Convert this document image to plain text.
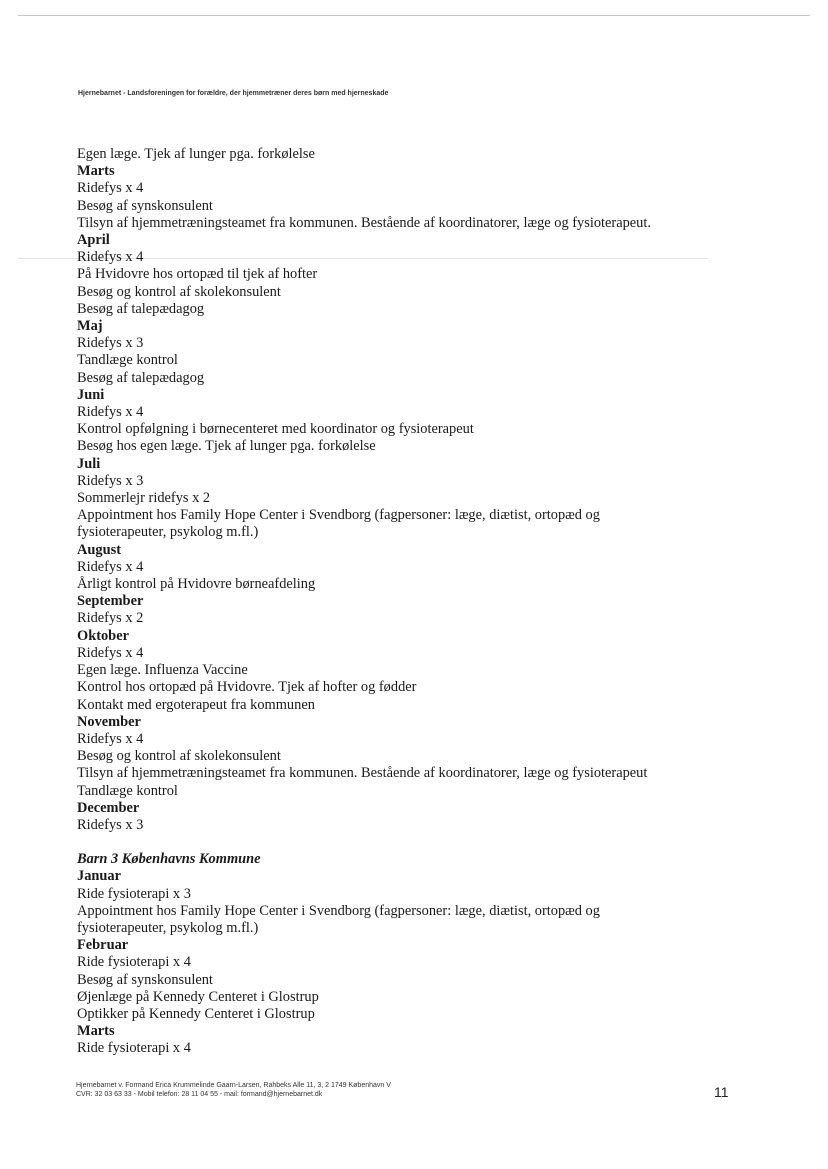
Hjernebarnet - Landsforeningen for forældre, der hjemmetræner deres børn med hjerneskade
Egen læge. Tjek af lunger pga. forkølelse
Marts
Ridefys x 4
Besøg af synskonsulent
Tilsyn af hjemmetræningsteamet fra kommunen. Bestående af koordinatorer, læge og fysioterapeut.
April
Ridefys x 4
På Hvidovre hos ortopæd til tjek af hofter
Besøg og kontrol af skolekonsulent
Besøg af talepædagog
Maj
Ridefys x 3
Tandlæge kontrol
Besøg af talepædagog
Juni
Ridefys x 4
Kontrol opfølgning i børnecenteret med koordinator og fysioterapeut
Besøg hos egen læge. Tjek af lunger pga. forkølelse
Juli
Ridefys x 3
Sommerlejr ridefys x 2
Appointment hos Family Hope Center i Svendborg (fagpersoner: læge, diætist, ortopæd og
fysioterapeuter, psykolog m.fl.)
August
Ridefys x 4
Årligt kontrol på Hvidovre børneafdeling
September
Ridefys x 2
Oktober
Ridefys x 4
Egen læge. Influenza Vaccine
Kontrol hos ortopæd på Hvidovre. Tjek af hofter og fødder
Kontakt med ergoterapeut fra kommunen
November
Ridefys x 4
Besøg og kontrol af skolekonsulent
Tilsyn af hjemmetræningsteamet fra kommunen. Bestående af koordinatorer, læge og fysioterapeut
Tandlæge kontrol
December
Ridefys x 3
Barn 3 Københavns Kommune
Januar
Ride fysioterapi x 3
Appointment hos Family Hope Center i Svendborg (fagpersoner: læge, diætist, ortopæd og
fysioterapeuter, psykolog m.fl.)
Februar
Ride fysioterapi x 4
Besøg af synskonsulent
Øjenlæge på Kennedy Centeret i Glostrup
Optikker på Kennedy Centeret i Glostrup
Marts
Ride fysioterapi x 4
Hjernebarnet v. Formand Erica Krummelinde Gaarn-Larsen, Rahbeks Alle 11, 3, 2 1749 København V
CVR: 32 03 63 33 - Mobil telefon: 28 11 04 55 - mail: formand@hjernebarnet.dk	11
